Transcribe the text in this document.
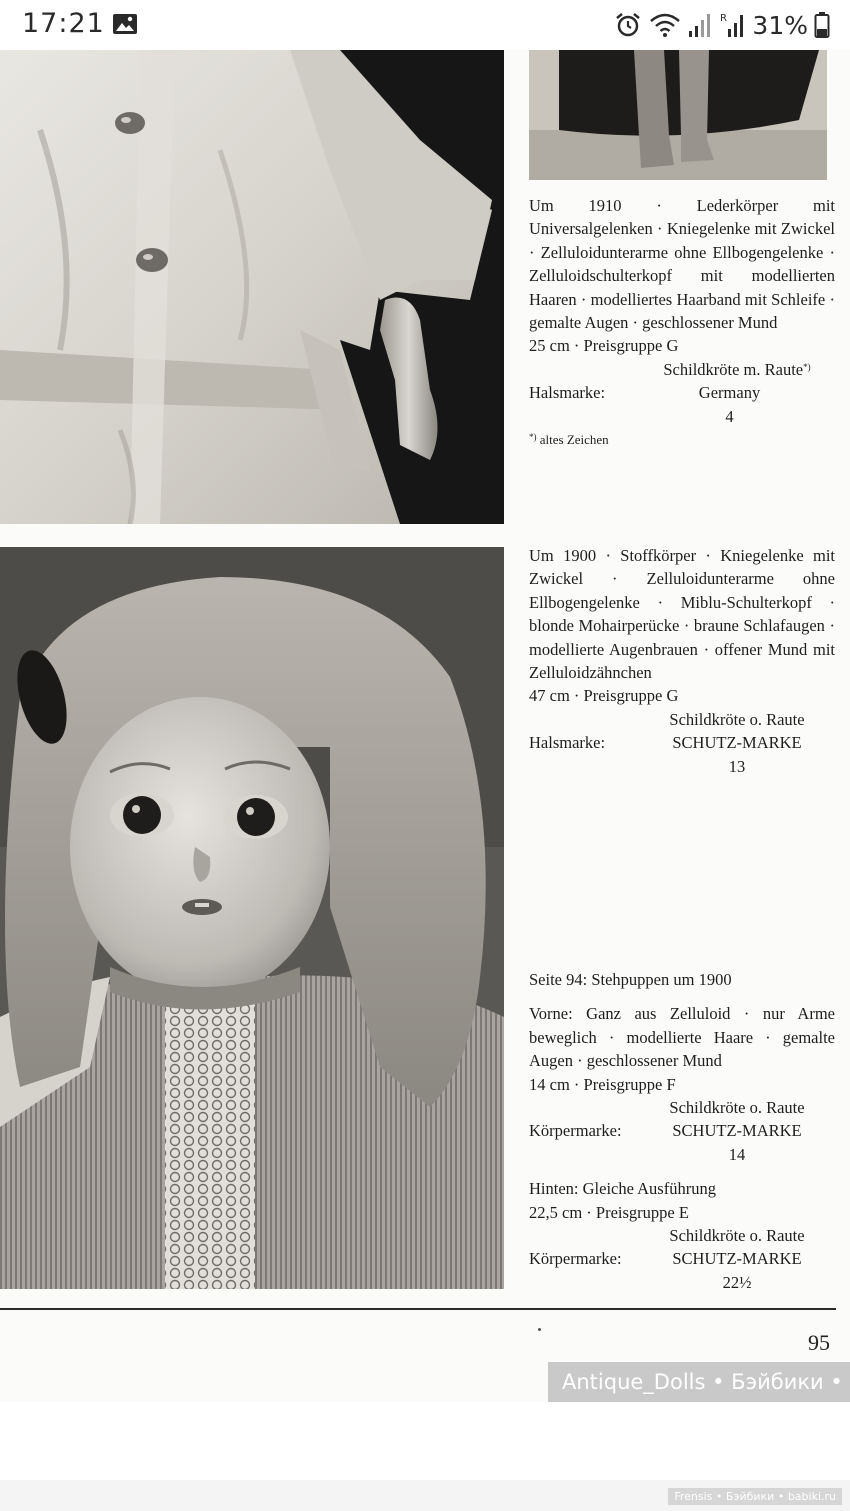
17:21	R 31%

Um 1910 · Lederkörper mit Universalgelenken · Kniegelenke mit Zwickel · Zelluloidunterarme ohne Ellbogengelenke · Zelluloidschulterkopf mit modellierten Haaren · modelliertes Haarband mit Schleife · gemalte Augen · geschlossener Mund

25 cm · Preisgruppe G

Schildkröte m. Raute*)
Halsmarke:	Germany
4

*) altes Zeichen

Um 1900 · Stoffkörper · Kniegelenke mit Zwickel · Zelluloidunterarme ohne Ellbogengelenke · Miblu-Schulterkopf · blonde Mohairperücke · braune Schlafaugen · modellierte Augenbrauen · offener Mund mit Zelluloidzähnchen

47 cm · Preisgruppe G

Schildkröte o. Raute
Halsmarke:	SCHUTZ-MARKE
13

Seite 94: Stehpuppen um 1900

Vorne: Ganz aus Zelluloid · nur Arme beweglich · modellierte Haare · gemalte Augen · geschlossener Mund

14 cm · Preisgruppe F

Schildkröte o. Raute
Körpermarke:	SCHUTZ-MARKE
14

Hinten: Gleiche Ausführung

22,5 cm · Preisgruppe E

Schildkröte o. Raute
Körpermarke:	SCHUTZ-MARKE
22½
95
Antique_Dolls • Бэйбики •
Frensis • Бэйбики • babiki.ru
